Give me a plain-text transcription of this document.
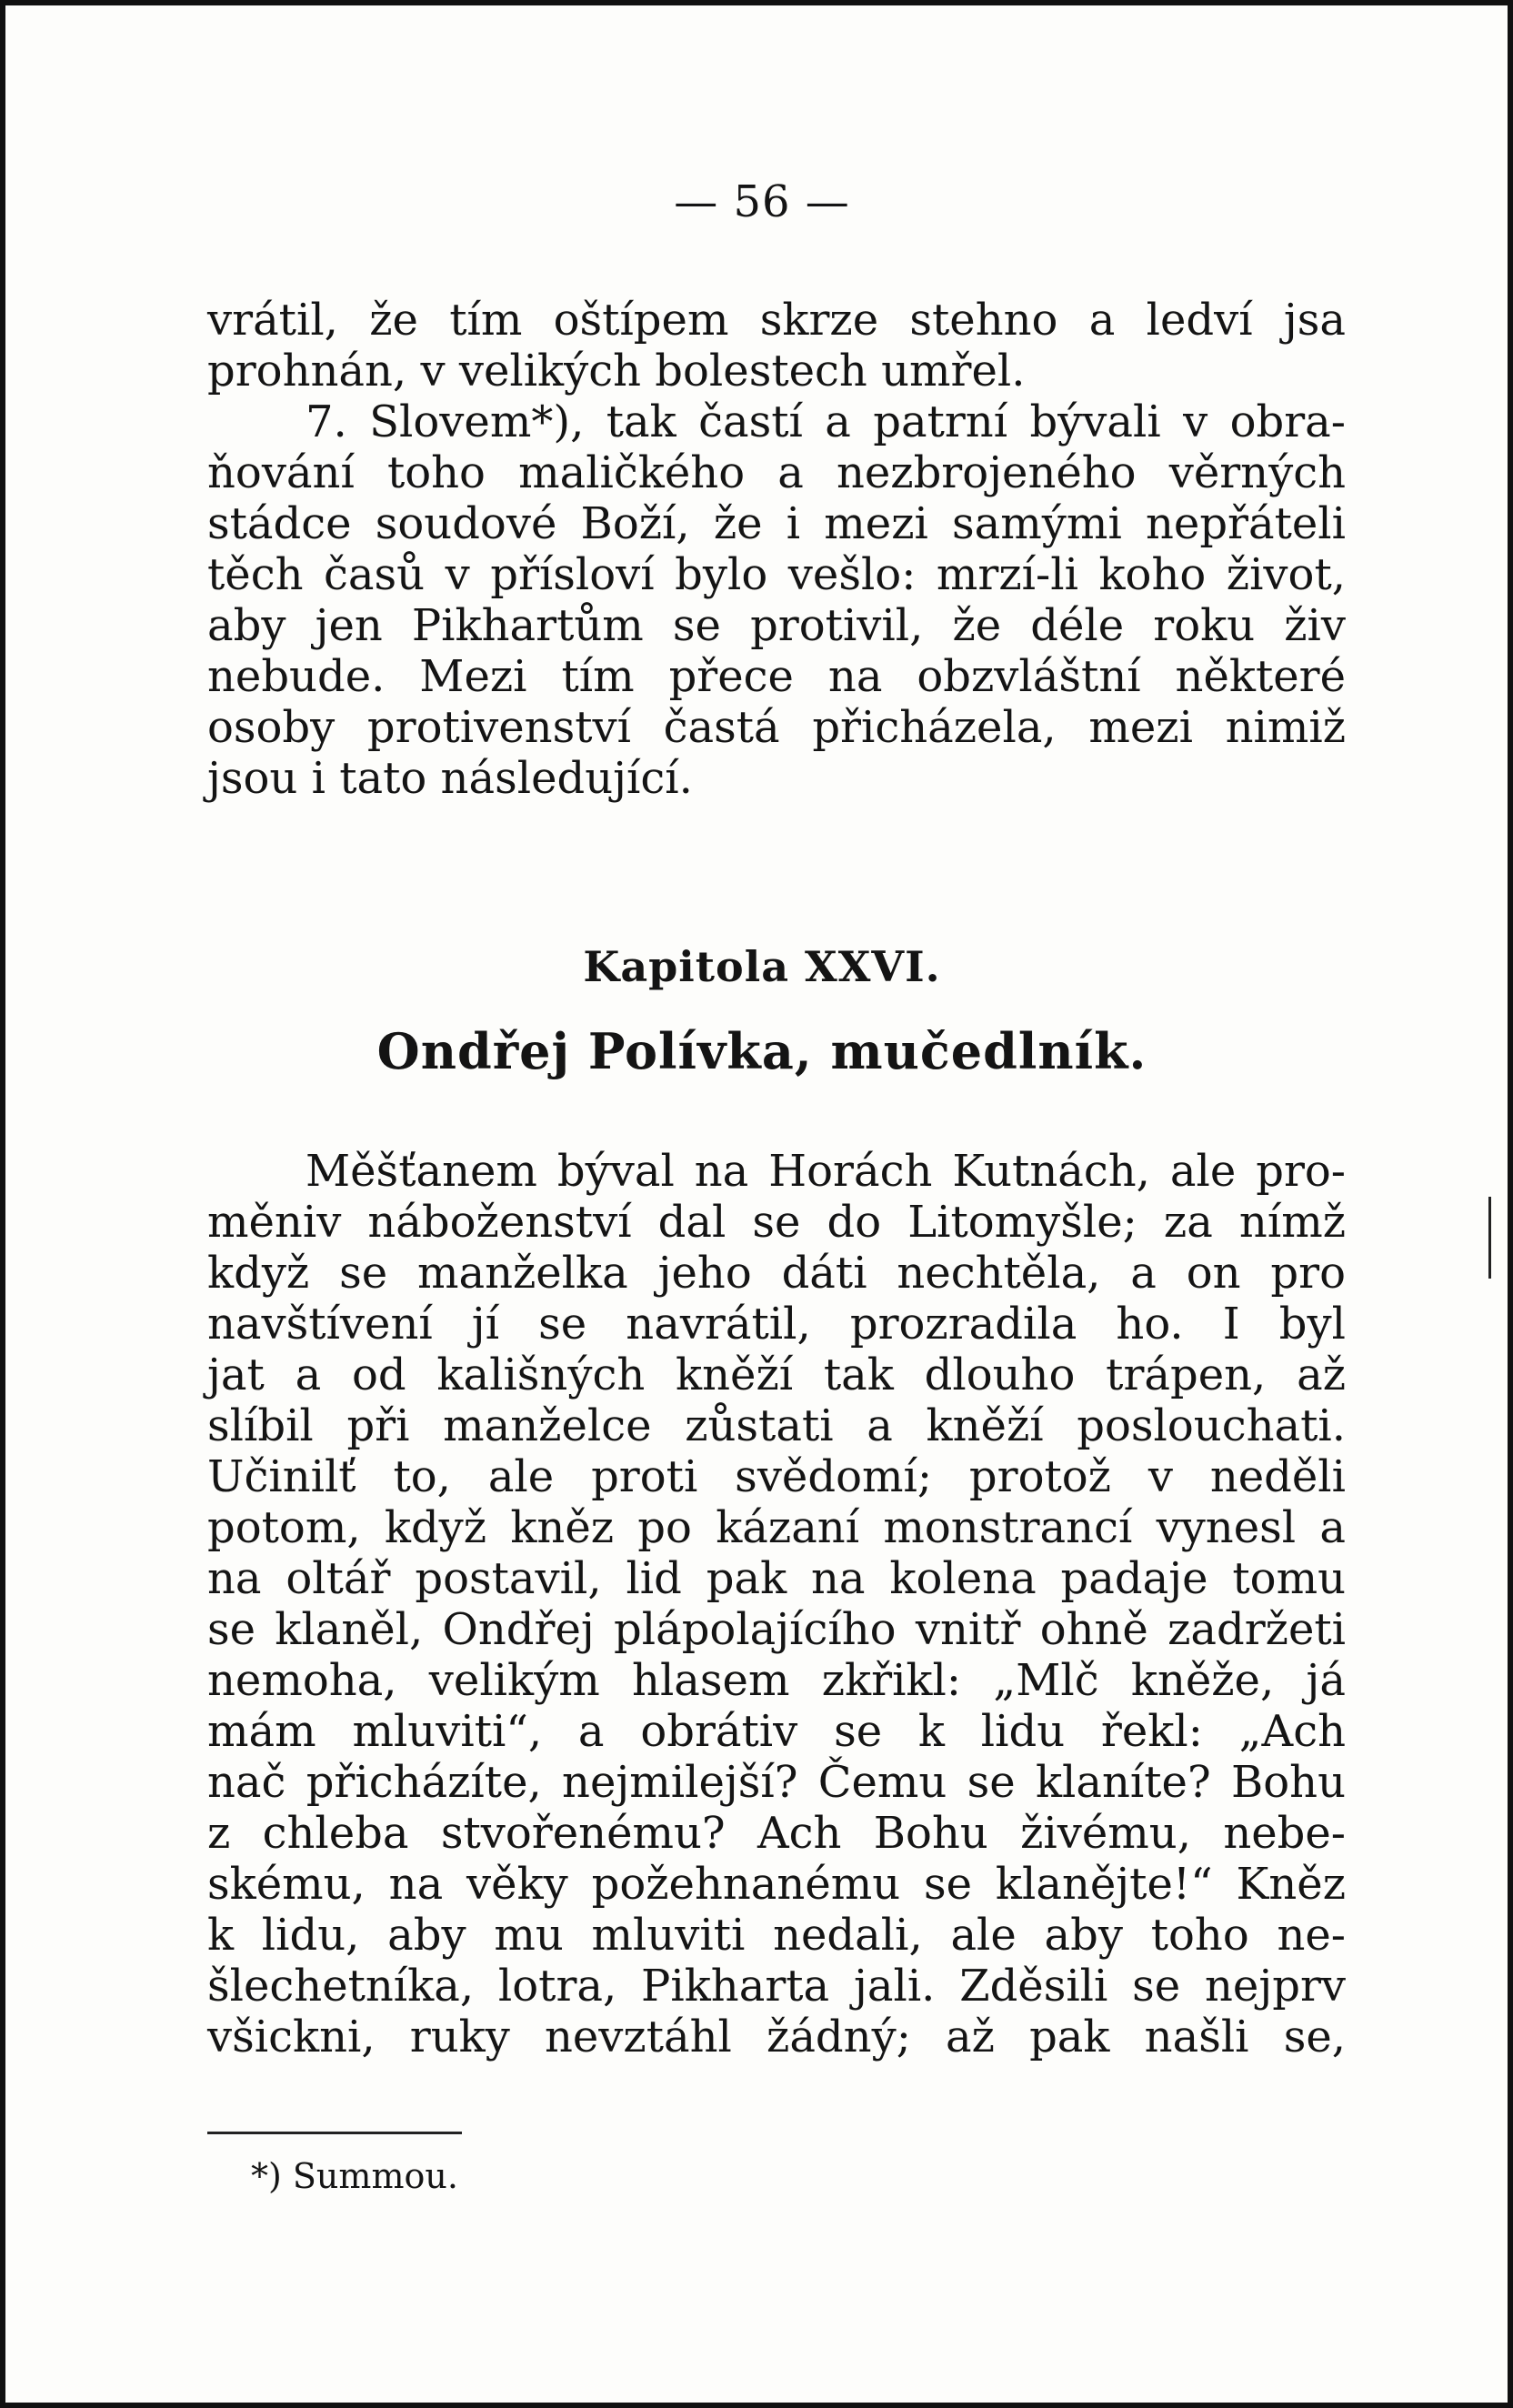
— 56 —
vrátil, že tím oštípem skrze stehno a ledví jsa
prohnán, v velikých bolestech umřel.
7. Slovem*), tak častí a patrní bývali v obra-
ňování toho maličkého a nezbrojeného věrných
stádce soudové Boží, že i mezi samými nepřáteli
těch časů v přísloví bylo vešlo: mrzí-li koho život,
aby jen Pikhartům se protivil, že déle roku živ
nebude. Mezi tím přece na obzvláštní některé
osoby protivenství častá přicházela, mezi nimiž
jsou i tato následující.
Kapitola XXVI.
Ondřej Polívka, mučedlník.
Měšťanem býval na Horách Kutnách, ale pro-
měniv náboženství dal se do Litomyšle; za nímž
když se manželka jeho dáti nechtěla, a on pro
navštívení jí se navrátil, prozradila ho. I byl
jat a od kališných kněží tak dlouho trápen, až
slíbil při manželce zůstati a kněží poslouchati.
Učinilť to, ale proti svědomí; protož v neděli
potom, když kněz po kázaní monstrancí vynesl a
na oltář postavil, lid pak na kolena padaje tomu
se klaněl, Ondřej plápolajícího vnitř ohně zadržeti
nemoha, velikým hlasem zkřikl: „Mlč kněže, já
mám mluviti“, a obrátiv se k lidu řekl: „Ach
nač přicházíte, nejmilejší? Čemu se klaníte? Bohu
z chleba stvořenému? Ach Bohu živému, nebe-
skému, na věky požehnanému se klanějte!“ Kněz
k lidu, aby mu mluviti nedali, ale aby toho ne-
šlechetníka, lotra, Pikharta jali. Zděsili se nejprv
všickni, ruky nevztáhl žádný; až pak našli se,
*) Summou.
